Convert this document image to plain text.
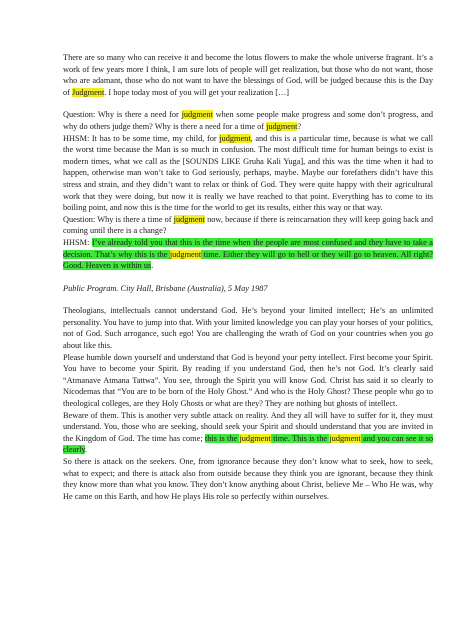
There are so many who can receive it and become the lotus flowers to make the whole universe fragrant. It’s a work of few years more I think, I am sure lots of people will get realization, but those who do not want, those who are adamant, those who do not want to have the blessings of God, will be judged because this is the Day of Judgment. I hope today most of you will get your realization […]

Question: Why is there a need for judgment when some people make progress and some don’t progress, and why do others judge them? Why is there a need for a time of judgment?

HHSM: It has to be some time, my child, for judgment, and this is a particular time, because is what we call the worst time because the Man is so much in confusion. The most difficult time for human beings to exist is modern times, what we call as the [SOUNDS LIKE Gruha Kali Yuga], and this was the time when it had to happen, otherwise man won’t take to God seriously, perhaps, maybe. Maybe our forefathers didn’t have this stress and strain, and they didn’t want to relax or think of God. They were quite happy with their agricultural work that they were doing, but now it is really we have reached to that point. Everything has to come to its boiling point, and now this is the time for the world to get its results, either this way or that way.

Question: Why is there a time of judgment now, because if there is reincarnation they will keep going back and coming until there is a change?

HHSM: I’ve already told you that this is the time when the people are most confused and they have to take a decision. That’s why this is the judgment time. Either they will go to hell or they will go to heaven. All right? Good. Heaven is within us.

Public Program. City Hall, Brisbane (Australia), 5 May 1987

Theologians, intellectuals cannot understand God. He’s beyond your limited intellect; He’s an unlimited personality. You have to jump into that. With your limited knowledge you can play your horses of your politics, not of God. Such arrogance, such ego! You are challenging the wrath of God on your countries when you go about like this.

Please humble down yourself and understand that God is beyond your petty intellect. First become your Spirit. You have to become your Spirit. By reading if you understand God, then he’s not God. It’s clearly said “Atmanave Atmana Tattwa”. You see, through the Spirit you will know God. Christ has said it so clearly to Nicodemas that “You are to be born of the Holy Ghost.” And who is the Holy Ghost? These people who go to theological colleges, are they Holy Ghosts or what are they? They are nothing but ghosts of intellect.

Beware of them. This is another very subtle attack on reality. And they all will have to suffer for it, they must understand. You, those who are seeking, should seek your Spirit and should understand that you are invited in the Kingdom of God. The time has come; this is the judgment time. This is the judgment and you can see it so clearly.

So there is attack on the seekers. One, from ignorance because they don’t know what to seek, how to seek, what to expect; and there is attack also from outside because they think you are ignorant, because they think they know more than what you know. They don’t know anything about Christ, believe Me – Who He was, why He came on this Earth, and how He plays His role so perfectly within ourselves.
